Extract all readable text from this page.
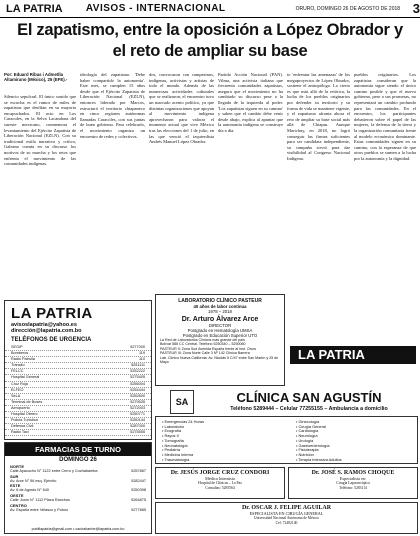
LA PATRIA	AVISOS - INTERNACIONAL	ORURO, DOMINGO 26 DE AGOSTO DE 2018 3
El zapatismo, entre la oposición a López Obrador y el reto de ampliar su base
Por: Eduard Ribas i Admetlla Altamirano (México), 25 (EFE).-
Silencio sepulcral. El único sonido que se escucha es el rumor de miles de zapatistas que desfilan en su mayoría encapuchados. El acto en Los Caracoles, en la Selva Lacandona del sureste mexicano, conmemora el levantamiento del Ejército Zapatista de Liberación Nacional (EZLN). Con su tradicional estilo narrativo y crítico, Galeano cuenta en su discurso los motivos de su marcha y los retos que enfrenta el movimiento de las comunidades indígenas.
ideología del zapatismo. 'Debe haber compartido la autonomía'. Este mes, se cumplen 15 años desde que el Ejército Zapatista de Liberación Nacional (EZLN), entonces liderado por Marcos, estructuró el territorio chiapaneco en cinco regiones autónomas llamadas Caracoles, con sus juntas de buen gobierno. Para celebrarlo, el movimiento organiza un encuentro de redes y colectivos.
dos, convocaron con campesinos, indígenas, activistas y artistas de todo el mundo. Además de las numerosas actividades culturales que se realizaron, el encuentro tuvo un marcado acento político, ya que distintas organizaciones que apoyan al movimiento indígena aprovecharon para valorar el momento actual que vive México tras las elecciones del 1 de julio, en las que venció el izquierdista Andrés Manuel López Obrador.
Partido Acción Nacional (PAN). Vilma, una activista italiana que frecuenta comunidades zapatistas, asegura que el movimiento no ha cambiado su discurso pese a la llegada de la izquierda al poder. 'Los zapatistas siguen en su camino' y saben que el cambio debe venir desde abajo, explica al apuntar que la autonomía indígena se construye día a día.
to 'enfrentar las amenazas' de los megaproyectos de López Obrador, sostiene el antropólogo. Lo cierto es que más allá de la retórica, la lucha de los pueblos originarios por defender su territorio y su forma de vida se mantiene vigente, y el zapatismo afronta ahora el reto de ampliar su base social más allá de Chiapas. Aunque Marichuy, en 2018, no logró conseguir las firmas suficientes para ser candidata independiente, su campaña sirvió para dar visibilidad al Congreso Nacional Indígena.
pueblos originarios. Los zapatistas consideran que la autonomía sigue siendo el único camino posible y que el nuevo gobierno, pese a sus promesas, no representará un cambio profundo para las comunidades. En el encuentro, los participantes debatieron sobre el papel de las mujeres, la defensa de la tierra y la organización comunitaria frente al modelo económico dominante. Estas comunidades siguen en su camino, con la esperanza de que otros pueblos se sumen a la lucha por la autonomía y la dignidad.
LA PATRIA
avisoslapatria@yahoo.es
dirección@lapatria.com.bo
TELÉFONOS DE URGENCIA
SEGIP	5277000
Bomberos	119
Radio Patrulla	110
Tránsito	5251111
FELCC	5252222
Hospital General	5275405
Cruz Roja	5256004
ELFEO	5254444
SeLA	5252600
Terminal de Buses	5279535
Aeropuerto	5272003
Hospital Obrero	5250771
Policía Turística	5250144
Defensa Civil	5287000
Radio Taxi	5275555
FARMACIAS DE TURNO
DOMINGO 26
NORTE
Calle Ayacucho N° 1122 entre Cerro y Cochabamba	5257867
SUR
Av. Arce N° 56 esq. Ejército	5282447
ESTE
Av. 6 de Agosto N° 640	5250398
OESTE
Calle Junín N° 1112 Plaza Ranchos	5264875
CENTRO
Av. España entre Velasco y Potosí	5277885
publilapatria@gmail.com • cachabanbe@lapatria.com.bo
LABORATORIO CLÍNICO PASTEUR
40 años de labor continua
1978 – 2018
Dr. Arturo Álvarez Arce
DIRECTOR
Postgrado en Hematología UMSA
Postgrado en Educación Superior UTO
La Red de Laboratorios Clínicos más grande del país
Bolívar 586 CC Central. Teléfono 5250340 – 5250060
PASTEUR II: Zona Sud Avenida España frente al Inst. Oruro
PASTEUR III: Zona Norte Calle 3 Nº 142 Clínica Barrera
Lab. Clínico Nueva California: Av. Nicolás 5 C/47 entre San Martín y 25 de Mayo
LA PATRIA
SA	CLÍNICA SAN AGUSTÍN
Teléfono 5289444 – Celular 77255155 – Ambulancia a domicilio
• Emergencias 24 Horas
• Laboratorio
• Ecografía
• Rayos X
• Tomografía
• Neonatología
• Pediatría
• Medicina Interna
• Traumatología
• Ginecología
• Cirugía General
• Cardiología
• Neurología
• Urología
• Gastroenterología
• Fisioterapia
• Nutrición
• Terapia Intensiva Adultos
Dr. JESÚS JORGE CRUZ CONDORI
Médico Internista
Hospital de Clínicas – La Paz
Consultas: 5285564
Dr. JOSÉ S. RAMOS CHOQUE
Especialista en:
Cirugía Laparoscópica
Teléfono: 5283114
Dr. OSCAR J. FELIPE AGUILAR
ESPECIALISTA EN CIRUGÍA GENERAL
Universidad Nacional Autónoma de México
Cel: 72482140
